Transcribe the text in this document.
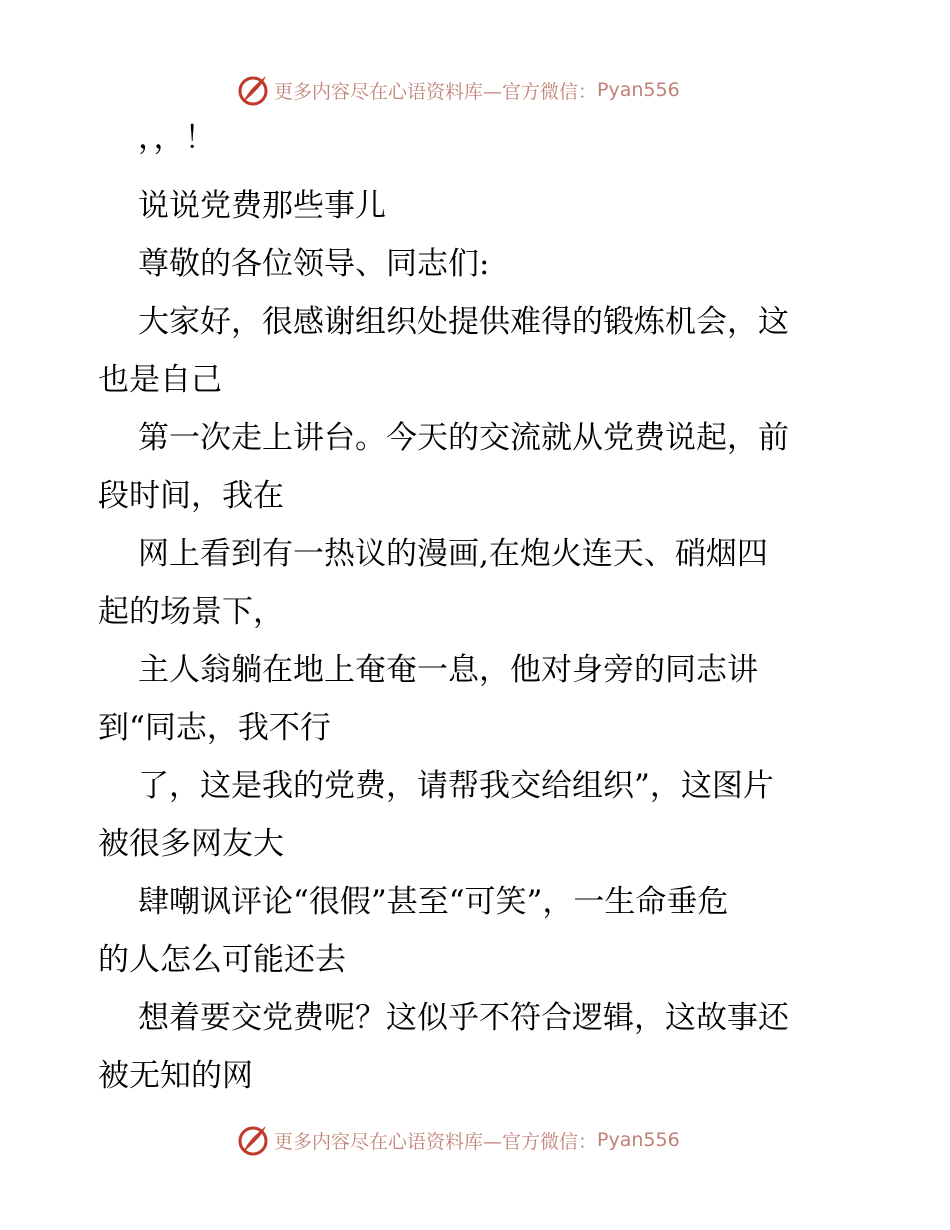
更多内容尽在心语资料库—官方微信： Pyan556
，，！
说说党费那些事儿
尊敬的各位领导、同志们:
大家好，很感谢组织处提供难得的锻炼机会，这
也是自己
第一次走上讲台。今天的交流就从党费说起，前
段时间，我在
网上看到有一热议的漫画,在炮火连天、硝烟四
起的场景下，
主人翁躺在地上奄奄一息，他对身旁的同志讲
到“同志，我不行
了，这是我的党费，请帮我交给组织”，这图片
被很多网友大
肆嘲讽评论“很假”甚至“可笑”，一生命垂危
的人怎么可能还去
想着要交党费呢？这似乎不符合逻辑，这故事还
被无知的网
更多内容尽在心语资料库—官方微信： Pyan556
